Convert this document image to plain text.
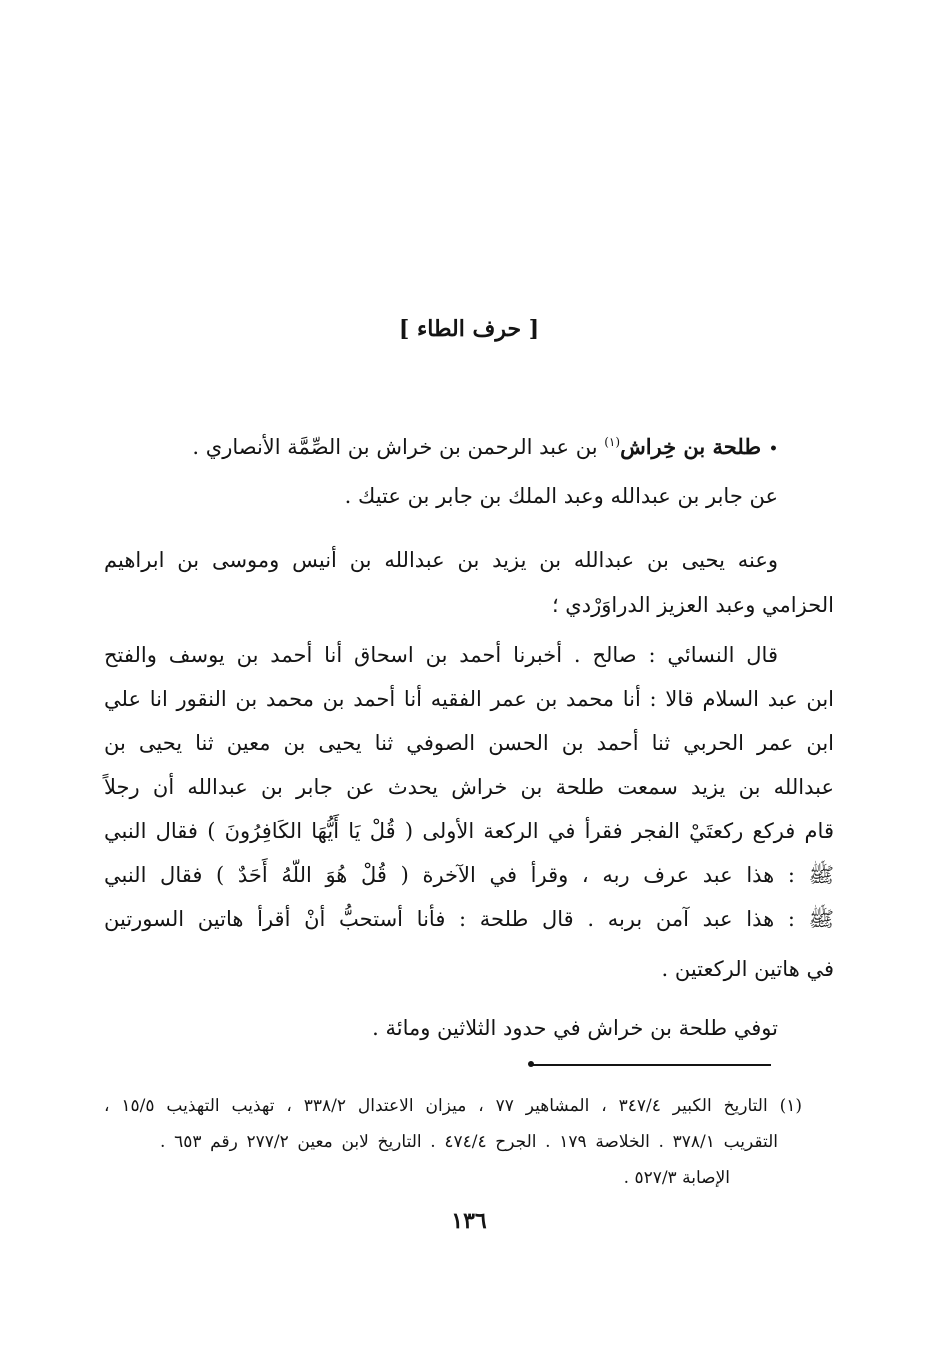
[ حرف الطاء ]
•طلحة بن خِراش$^{(١)}$ بن عبد الرحمن بن خراش بن الصِّمَّة الأنصاري .
عن جابر بن عبدالله وعبد الملك بن جابر بن عتيك .
وعنه يحيى بن عبدالله بن يزيد بن عبدالله بن أنيس وموسى بن ابراهيم
الحزامي وعبد العزيز الدراوَرْدي ؛
قال النسائي : صالح . أخبرنا أحمد بن اسحاق أنا أحمد بن يوسف والفتح
ابن عبد السلام قالا : أنا محمد بن عمر الفقيه أنا أحمد بن محمد بن النقور انا علي
ابن عمر الحربي ثنا أحمد بن الحسن الصوفي ثنا يحيى بن معين ثنا يحيى بن
عبدالله بن يزيد سمعت طلحة بن خراش يحدث عن جابر بن عبدالله أن رجلاً
قام فركع ركعتَيْ الفجر فقرأ في الركعة الأولى ( قُلْ يَا أَيُّهَا الكَافِرُونَ ) فقال النبي
ﷺ : هذا عبد عرف ربه ، وقرأ في الآخرة ( قُلْ هُوَ اللّهُ أَحَدٌ ) فقال النبي
ﷺ : هذا عبد آمن بربه . قال طلحة : فأنا أستحبُّ أنْ أقرأ هاتين السورتين
في هاتين الركعتين .
توفي طلحة بن خراش في حدود الثلاثين ومائة .
(١) التاريخ الكبير ٣٤٧/٤ ، المشاهير ٧٧ ، ميزان الاعتدال ٣٣٨/٢ ، تهذيب التهذيب ١٥/٥ ،
التقريب ٣٧٨/١ . الخلاصة ١٧٩ . الجرح ٤٧٤/٤ . التاريخ لابن معين ٢٧٧/٢ رقم ٦٥٣ .
الإصابة ٥٢٧/٣ .
١٣٦
